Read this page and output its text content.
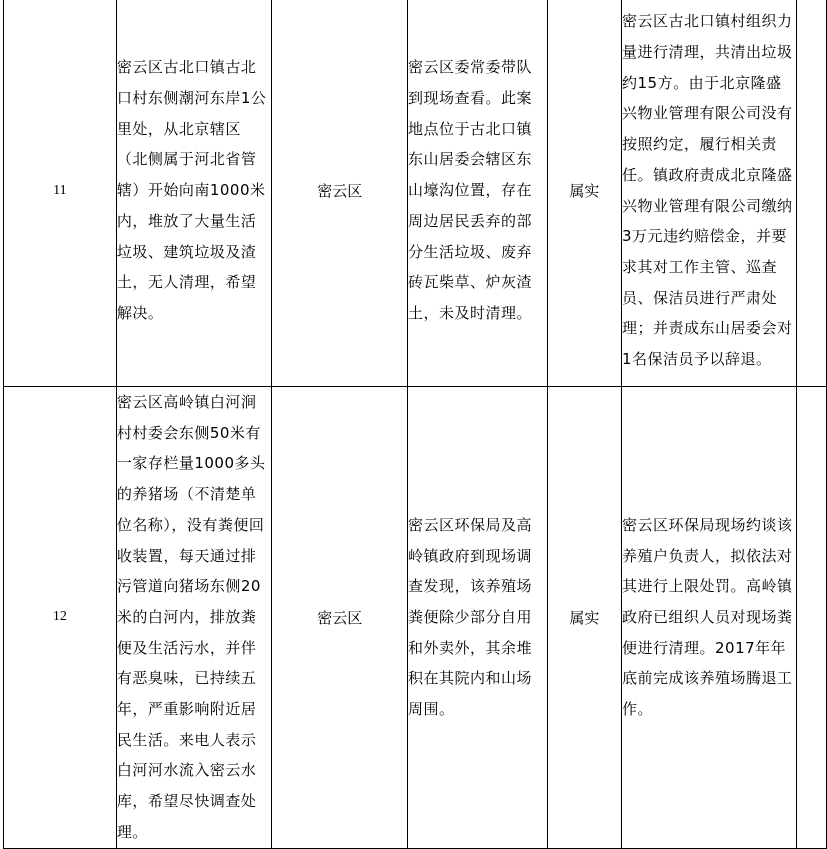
11	密云区古北口镇古北口村东侧潮河东岸1公里处，从北京辖区（北侧属于河北省管辖）开始向南1000米内，堆放了大量生活垃圾、建筑垃圾及渣土，无人清理，希望解决。	密云区	密云区委常委带队到现场查看。此案地点位于古北口镇东山居委会辖区东山壕沟位置，存在周边居民丢弃的部分生活垃圾、废弃砖瓦柴草、炉灰渣土，未及时清理。	属实	密云区古北口镇村组织力量进行清理，共清出垃圾约15方。由于北京隆盛兴物业管理有限公司没有按照约定，履行相关责任。镇政府责成北京隆盛兴物业管理有限公司缴纳3万元违约赔偿金，并要求其对工作主管、巡查员、保洁员进行严肃处理；并责成东山居委会对1名保洁员予以辞退。	
12	密云区高岭镇白河涧村村委会东侧50米有一家存栏量1000多头的养猪场（不清楚单位名称），没有粪便回收装置，每天通过排污管道向猪场东侧20米的白河内，排放粪便及生活污水，并伴有恶臭味，已持续五年，严重影响附近居民生活。来电人表示白河河水流入密云水库，希望尽快调查处理。	密云区	密云区环保局及高岭镇政府到现场调查发现，该养殖场粪便除少部分自用和外卖外，其余堆积在其院内和山场周围。	属实	密云区环保局现场约谈该养殖户负责人，拟依法对其进行上限处罚。高岭镇政府已组织人员对现场粪便进行清理。2017年年底前完成该养殖场腾退工作。	
